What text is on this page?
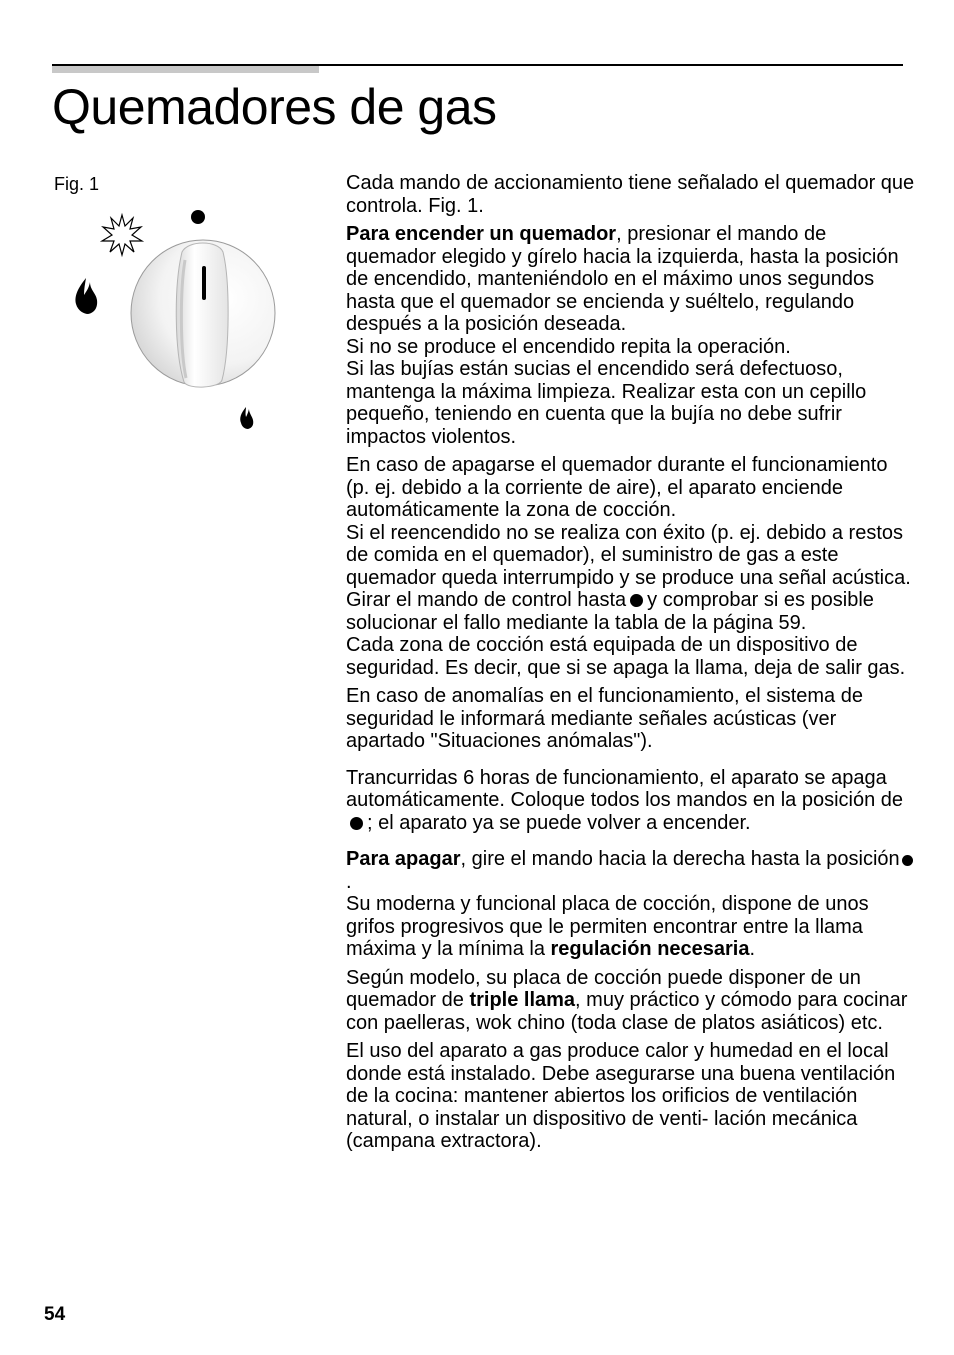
Quemadores de gas
Fig. 1	Cada mando de accionamiento tiene señalado el quemador que controla. Fig. 1.

Para encender un quemador, presionar el mando de quemador elegido y gírelo hacia la izquierda, hasta la posición de encendido, manteniéndolo en el máximo unos segundos hasta que el quemador se encienda y suéltelo, regulando después a la posición deseada.

Si no se produce el encendido repita la operación.

Si las bujías están sucias el encendido será defectuoso, mantenga la máxima limpieza. Realizar esta con un cepillo pequeño, teniendo en cuenta que la bujía no debe sufrir impactos violentos.

En caso de apagarse el quemador durante el funcionamiento (p. ej. debido a la corriente de aire), el aparato enciende automáticamente la zona de cocción.

Si el reencendido no se realiza con éxito (p. ej. debido a restos de comida en el quemador), el suministro de gas a este quemador queda interrumpido y se produce una señal acústica. Girar el mando de control hasta y comprobar si es posible solucionar el fallo mediante la tabla de la página 59.

Cada zona de cocción está equipada de un dispositivo de seguridad. Es decir, que si se apaga la llama, deja de salir gas.

En caso de anomalías en el funcionamiento, el sistema de seguridad le informará mediante señales acústicas (ver apartado "Situaciones anómalas").

Trancurridas 6 horas de funcionamiento, el aparato se apaga automáticamente. Coloque todos los mandos en la posición de; el aparato ya se puede volver a encender.

Para apagar, gire el mando hacia la derecha hasta la posición.

Su moderna y funcional placa de cocción, dispone de unos grifos progresivos que le permiten encontrar entre la llama máxima y la mínima la regulación necesaria.

Según modelo, su placa de cocción puede disponer de un quemador de triple llama, muy práctico y cómodo para cocinar con paelleras, wok chino (toda clase de platos asiáticos) etc.

El uso del aparato a gas produce calor y humedad en el local donde está instalado. Debe asegurarse una buena ventilación de la cocina: mantener abiertos los orificios de ventilación natural, o instalar un dispositivo de venti- lación mecánica (campana extractora).

54
